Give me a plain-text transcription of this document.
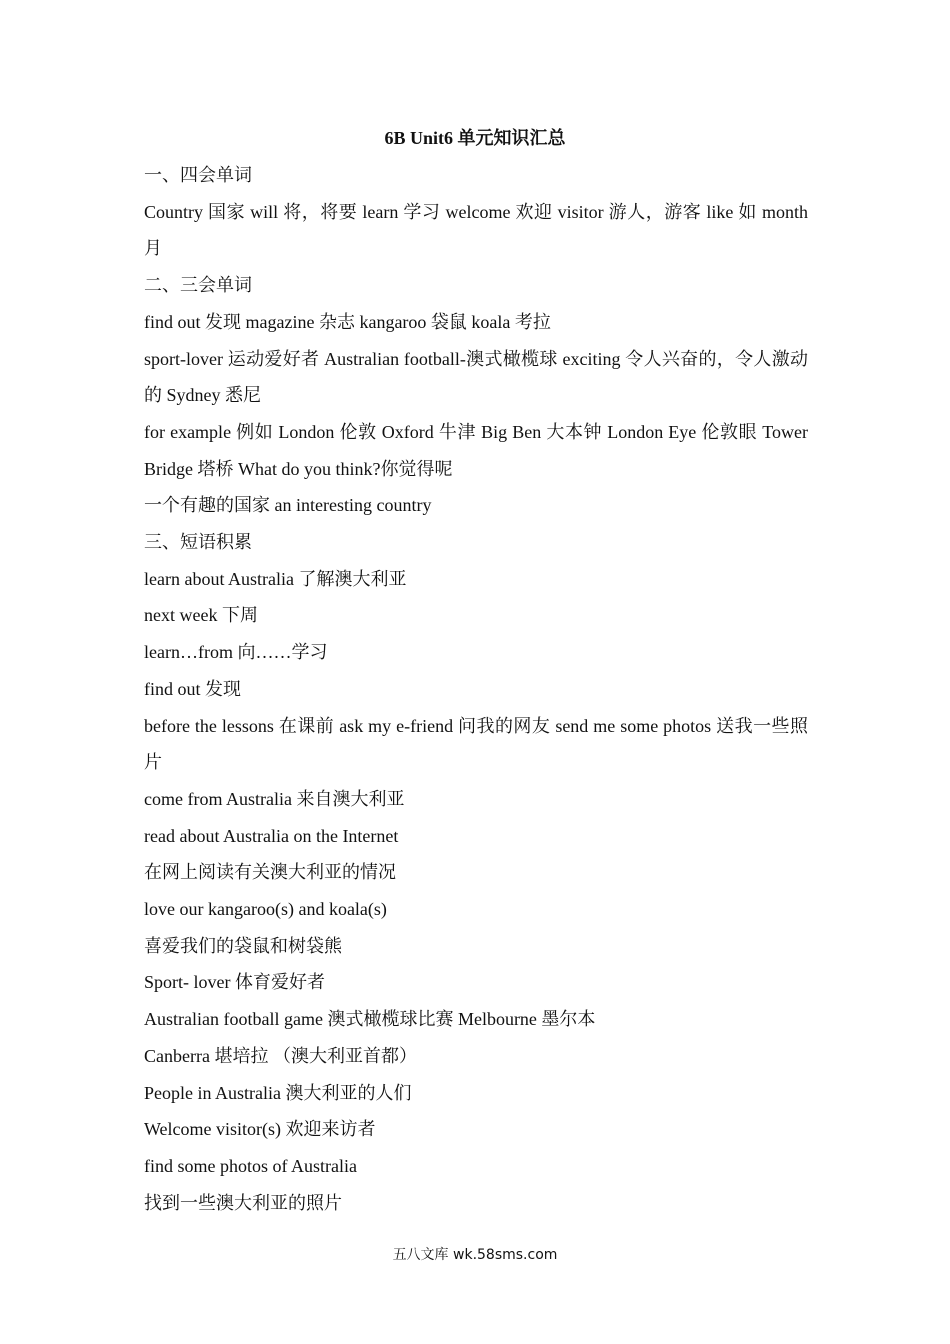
6B Unit6 单元知识汇总

一、四会单词

Country 国家 will 将，将要 learn 学习 welcome 欢迎 visitor 游人，游客 like 如 month 月

二、三会单词

find out 发现 magazine 杂志 kangaroo 袋鼠 koala 考拉

sport-lover 运动爱好者 Australian football-澳式橄榄球 exciting 令人兴奋的，令人激动的 Sydney 悉尼

for example 例如 London 伦敦 Oxford 牛津 Big Ben 大本钟 London Eye 伦敦眼 Tower Bridge 塔桥 What do you think?你觉得呢

一个有趣的国家 an interesting country

三、短语积累

learn about Australia 了解澳大利亚

next week 下周

learn…from 向……学习

find out 发现

before the lessons 在课前 ask my e-friend 问我的网友 send me some photos 送我一些照片

come from Australia 来自澳大利亚

read about Australia on the Internet

在网上阅读有关澳大利亚的情况

love our kangaroo(s) and koala(s)

喜爱我们的袋鼠和树袋熊

Sport- lover 体育爱好者

Australian football game 澳式橄榄球比赛 Melbourne 墨尔本

Canberra 堪培拉 （澳大利亚首都）

People in Australia 澳大利亚的人们

Welcome visitor(s) 欢迎来访者

find some photos of Australia

找到一些澳大利亚的照片

五八文库 wk.58sms.com
